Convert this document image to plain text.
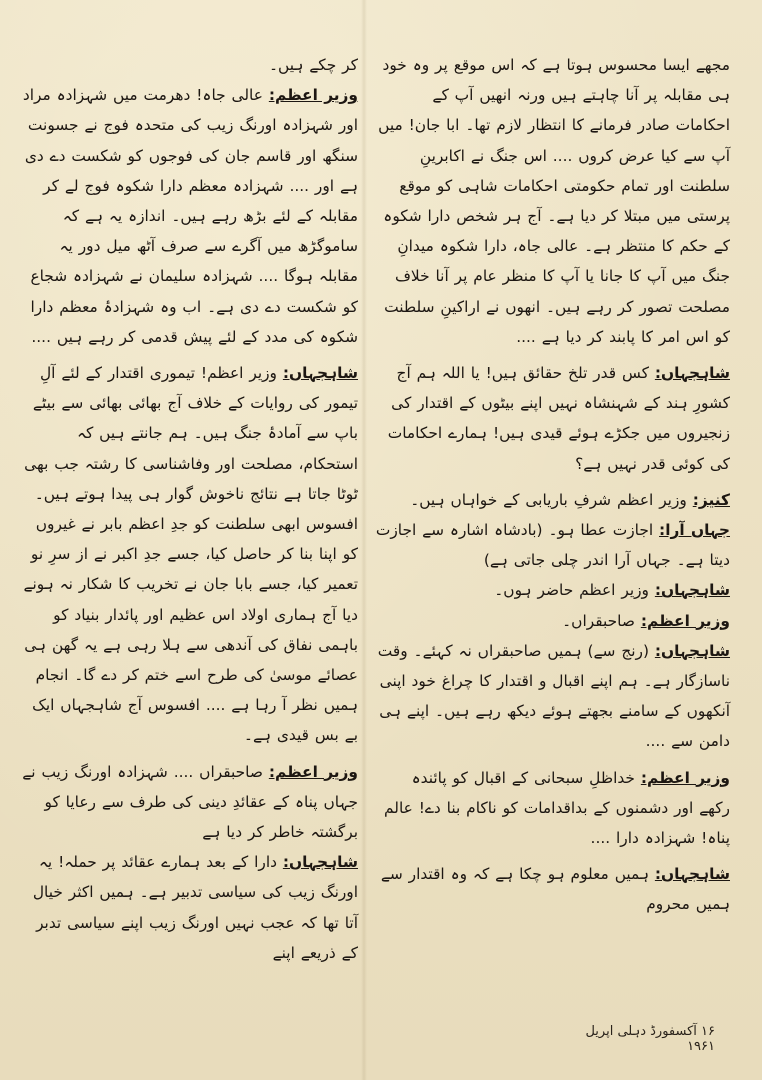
مجھے ایسا محسوس ہوتا ہے کہ اس موقع پر وہ خود ہی مقابلہ پر آنا چاہتے ہیں ورنہ انھیں آپ کے احکامات صادر فرمانے کا انتظار لازم تھا۔ ابا جان! میں آپ سے کیا عرض کروں .... اس جنگ نے اکابرینِ سلطنت اور تمام حکومتی احکامات شاہی کو موقع پرستی میں مبتلا کر دیا ہے۔ آج ہر شخص دارا شکوہ کے حکم کا منتظر ہے۔ عالی جاہ، دارا شکوہ میدانِ جنگ میں آپ کا جانا یا آپ کا منظر عام پر آنا خلاف مصلحت تصور کر رہے ہیں۔ انھوں نے اراکینِ سلطنت کو اس امر کا پابند کر دیا ہے ....

شاہجہاں: کس قدر تلخ حقائق ہیں! یا اللہ ہم آج کشورِ ہند کے شہنشاہ نہیں اپنے بیٹوں کے اقتدار کی زنجیروں میں جکڑے ہوئے قیدی ہیں! ہمارے احکامات کی کوئی قدر نہیں ہے؟

کنیز: وزیر اعظم شرفِ باریابی کے خواہاں ہیں۔

جہاں آرا: اجازت عطا ہو۔ (بادشاہ اشارہ سے اجازت دیتا ہے۔ جہاں آرا اندر چلی جاتی ہے)

شاہجہاں: وزیر اعظم حاضر ہوں۔

وزیر اعظم: صاحبقراں۔

شاہجہاں: (رنج سے) ہمیں صاحبقراں نہ کہئے۔ وقت ناسازگار ہے۔ ہم اپنے اقبال و اقتدار کا چراغ خود اپنی آنکھوں کے سامنے بجھتے ہوئے دیکھ رہے ہیں۔ اپنے ہی دامن سے ....

وزیر اعظم: خداظلِ سبحانی کے اقبال کو پائندہ رکھے اور دشمنوں کے بداقدامات کو ناکام بنا دے! عالم پناہ! شہزادہ دارا ....

شاہجہاں: ہمیں معلوم ہو چکا ہے کہ وہ اقتدار سے ہمیں محروم

کر چکے ہیں۔

وزیر اعظم: عالی جاہ! دھرمت میں شہزادہ مراد اور شہزادہ اورنگ زیب کی متحدہ فوج نے جسونت سنگھ اور قاسم جان کی فوجوں کو شکست دے دی ہے اور .... شہزادہ معظم دارا شکوہ فوج لے کر مقابلہ کے لئے بڑھ رہے ہیں۔ اندازہ یہ ہے کہ ساموگڑھ میں آگرے سے صرف آٹھ میل دور یہ مقابلہ ہوگا .... شہزادہ سلیمان نے شہزادہ شجاع کو شکست دے دی ہے۔ اب وہ شہزادۂ معظم دارا شکوہ کی مدد کے لئے پیش قدمی کر رہے ہیں ....

شاہجہاں: وزیر اعظم! تیموری اقتدار کے لئے آلِ تیمور کی روایات کے خلاف آج بھائی بھائی سے بیٹے باپ سے آمادۂ جنگ ہیں۔ ہم جانتے ہیں کہ استحکام، مصلحت اور وفاشناسی کا رشتہ جب بھی ٹوٹا جاتا ہے نتائج ناخوش گوار ہی پیدا ہوتے ہیں۔ افسوس ابھی سلطنت کو جدِ اعظم بابر نے غیروں کو اپنا بنا کر حاصل کیا، جسے جدِ اکبر نے از سرِ نو تعمیر کیا، جسے بابا جان نے تخریب کا شکار نہ ہونے دیا آج ہماری اولاد اس عظیم اور پائدار بنیاد کو باہمی نفاق کی آندھی سے ہلا رہی ہے یہ گھن ہی عصائے موسیٰ کی طرح اسے ختم کر دے گا۔ انجام ہمیں نظر آ رہا ہے .... افسوس آج شاہجہاں ایک بے بس قیدی ہے۔

وزیر اعظم: صاحبقراں .... شہزادہ اورنگ زیب نے جہاں پناہ کے عقائدِ دینی کی طرف سے رعایا کو برگشتہ خاطر کر دیا ہے

شاہجہاں: دارا کے بعد ہمارے عقائد پر حملہ! یہ اورنگ زیب کی سیاسی تدبیر ہے۔ ہمیں اکثر خیال آتا تھا کہ عجب نہیں اورنگ زیب اپنے سیاسی تدبر کے ذریعے اپنے

۱۶ آکسفورڈ دہلی اپریل ۱۹۶۱
